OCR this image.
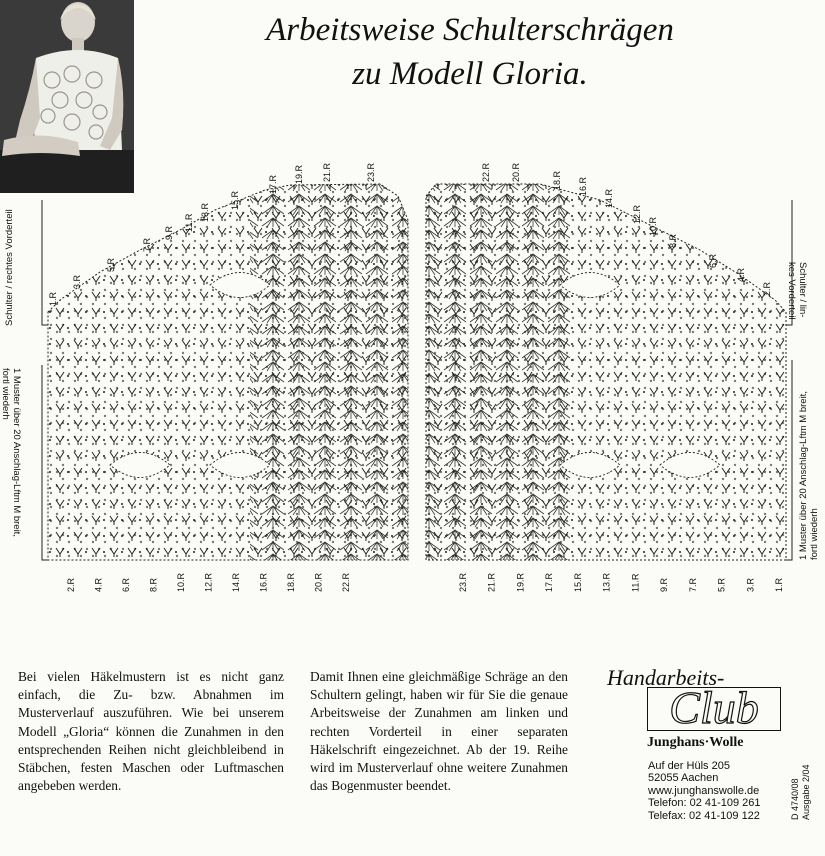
Arbeitsweise Schulterschrägen
zu Modell Gloria.
1.R
3.R
5.R
7.R
9.R
11.R
13.R
15.R
17.R
19.R 21.R	23.R
2.R 4.R 6.R 8.R 10.R 12.R 14.R 16.R 18.R 20.R 22.R
22.R 20.R	18.R 16.R
14.R
12.R
10.R
8.R
6.R
4.R
2.R
23.R 21.R 19.R 17.R 15.R 13.R 11.R 9.R 7.R 5.R 3.R 1.R
Schulter / rechtes Vorderteil
1 Muster über 20 Anschlag-Lftm M breit,
fortl wiederh
Schulter / lin-
kes Vorderteil
1 Muster über 20 Anschlag-Lftm M breit, fortl wiederh
Bei vielen Häkelmustern ist es nicht ganz einfach, die Zu- bzw. Abnahmen im Musterverlauf auszuführen. Wie bei unserem Modell „Gloria“ können die Zunahmen in den entsprechenden Reihen nicht gleichbleibend in Stäbchen, festen Maschen oder Luftmaschen angebeben werden.
Damit Ihnen eine gleichmäßige Schräge an den Schultern gelingt, haben wir für Sie die genaue Arbeitsweise der Zunahmen am linken und rechten Vorderteil in einer separaten Häkelschrift eingezeichnet. Ab der 19. Reihe wird im Musterverlauf ohne weitere Zunahmen das Bogenmuster beendet.
Handarbeits-
Club
Junghans·Wolle
Auf der Hüls 205
52055 Aachen
www.junghanswolle.de
Telefon: 02 41-109 261
Telefax: 02 41-109 122	D 4740/08 Ausgabe 2/04
